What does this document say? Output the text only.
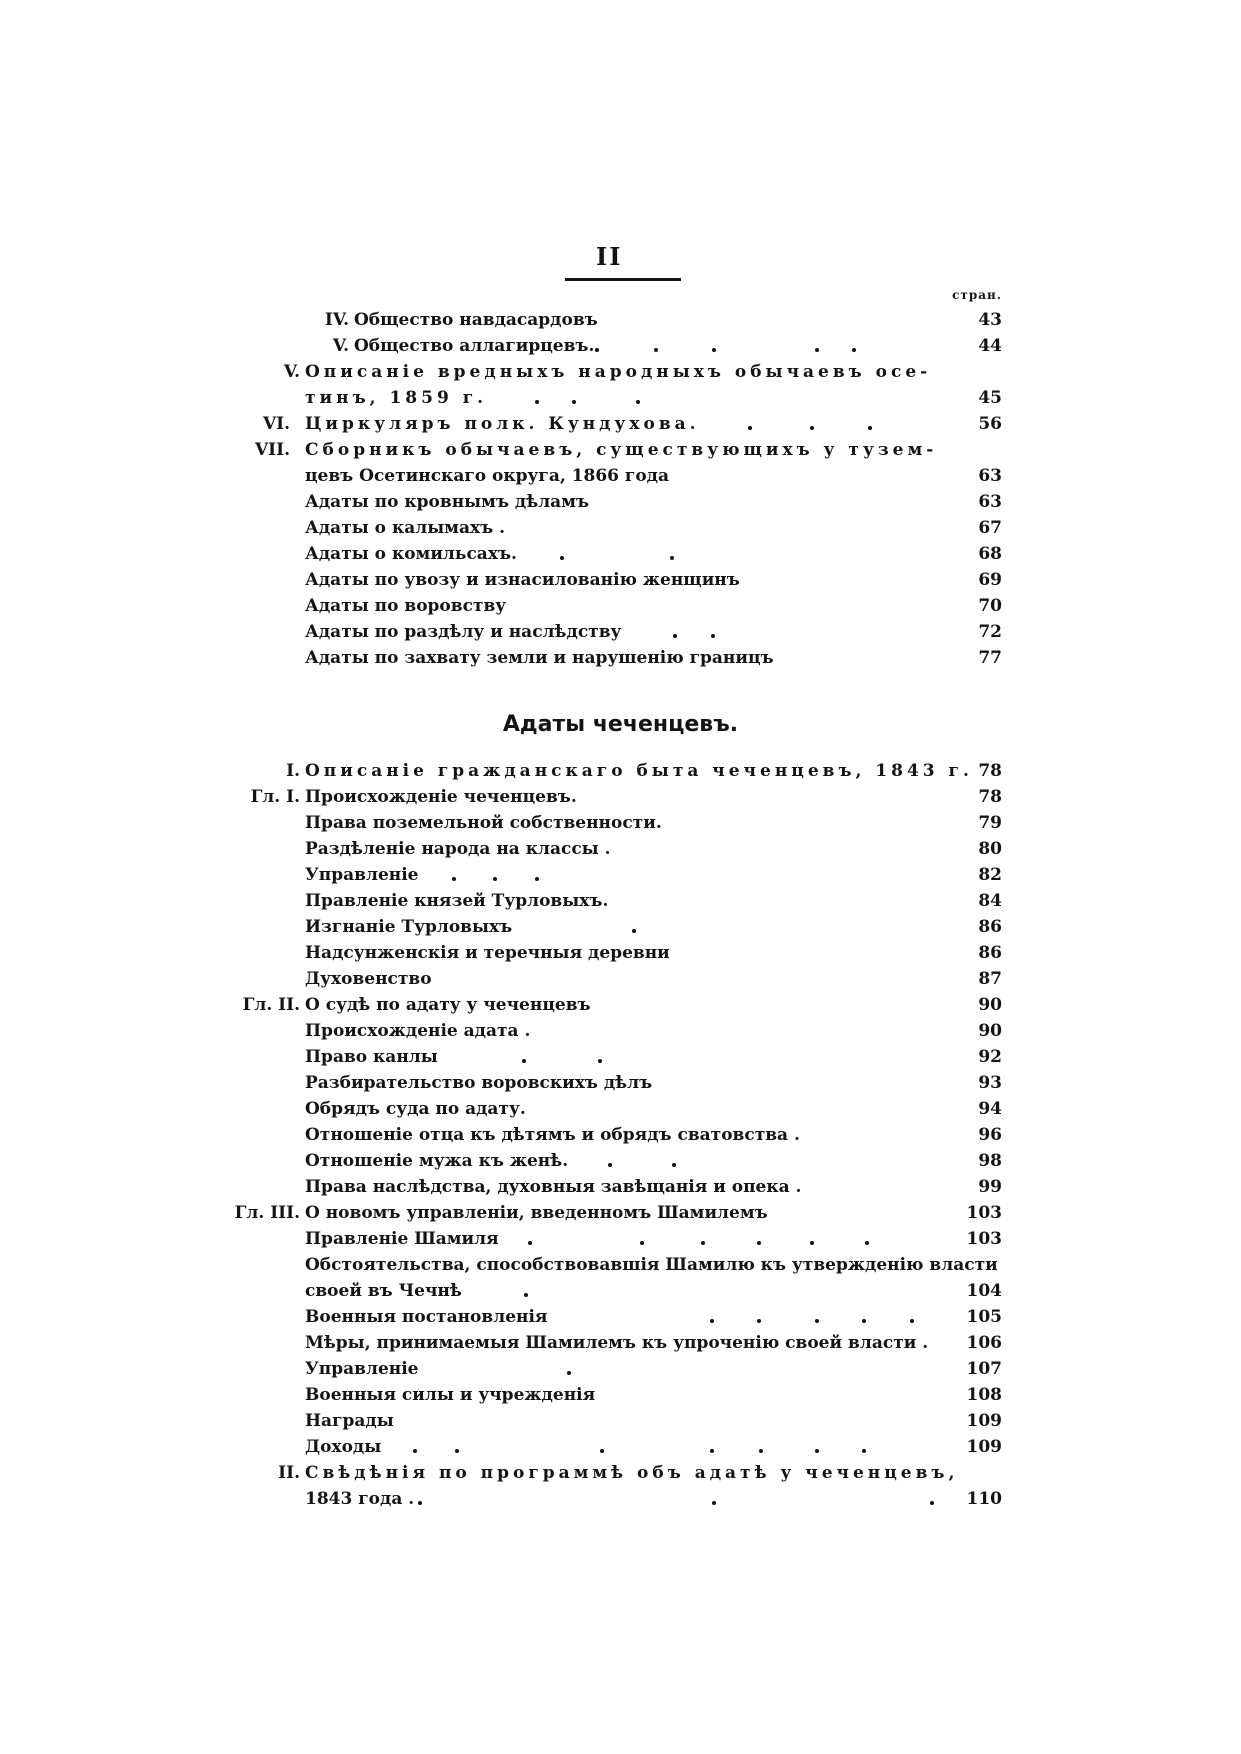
II
стран.
IV. Общество навдасардовъ	43
V. Общество аллагирцевъ.	44
V. Описаніе вредныхъ народныхъ обычаевъ осе-
тинъ, 1859 г.	45
VI. Циркуляръ полк. Кундухова.	56
VII. Сборникъ обычаевъ, существующихъ у тузем-
цевъ Осетинскаго округа, 1866 года	63
Адаты по кровнымъ дѣламъ	63
Адаты о калымахъ .	67
Адаты о комильсахъ.	68
Адаты по увозу и изнасилованію женщинъ	69
Адаты по воровству	70
Адаты по раздѣлу и наслѣдству	72
Адаты по захвату земли и нарушенію границъ	77
Адаты чеченцевъ.
I. Описаніе гражданскаго быта чеченцевъ, 1843 г. 78
Гл. I. Происхожденіе чеченцевъ.	78
Права поземельной собственности.	79
Раздѣленіе народа на классы .	80
Управленіе	82
Правленіе князей Турловыхъ.	84
Изгнаніе Турловыхъ	86
Надсунженскія и теречныя деревни	86
Духовенство	87
Гл. II. О судѣ по адату у чеченцевъ	90
Происхожденіе адата .	90
Право канлы	92
Разбирательство воровскихъ дѣлъ	93
Обрядъ суда по адату.	94
Отношеніе отца къ дѣтямъ и обрядъ сватовства .	96
Отношеніе мужа къ женѣ.	98
Права наслѣдства, духовныя завѣщанія и опека .	99
Гл. III. О новомъ управленіи, введенномъ Шамилемъ	103
Правленіе Шамиля	103
Обстоятельства, способствовавшія Шамилю къ утвержденію власти
своей въ Чечнѣ	104
Военныя постановленія	105
Мѣры, принимаемыя Шамилемъ къ упроченію своей власти .	106
Управленіе	107
Военныя силы и учрежденія	108
Награды	109
Доходы	109
II. Свѣдѣнія по программѣ объ адатѣ у чеченцевъ,
1843 года .	110
